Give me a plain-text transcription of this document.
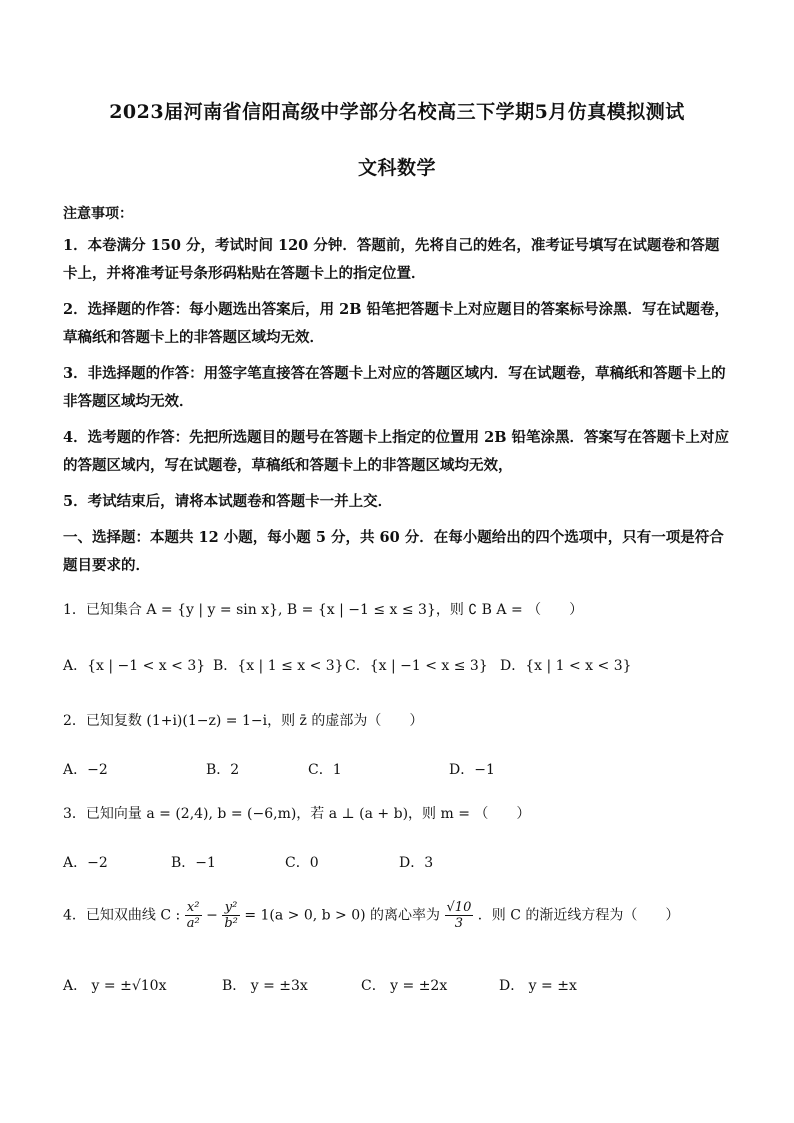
2023届河南省信阳高级中学部分名校高三下学期5月仿真模拟测试
文科数学
注意事项：
1．本卷满分 150 分，考试时间 120 分钟．答题前，先将自己的姓名，准考证号填写在试题卷和答题卡上，并将准考证号条形码粘贴在答题卡上的指定位置．
2．选择题的作答：每小题选出答案后，用 2B 铅笔把答题卡上对应题目的答案标号涂黑．写在试题卷，草稿纸和答题卡上的非答题区域均无效．
3．非选择题的作答：用签字笔直接答在答题卡上对应的答题区域内．写在试题卷，草稿纸和答题卡上的非答题区域均无效．
4．选考题的作答：先把所选题目的题号在答题卡上指定的位置用 2B 铅笔涂黑．答案写在答题卡上对应的答题区域内，写在试题卷，草稿纸和答题卡上的非答题区域均无效，
5．考试结束后，请将本试题卷和答题卡一并上交．
一、选择题：本题共 12 小题，每小题 5 分，共 60 分．在每小题给出的四个选项中，只有一项是符合题目要求的．
1．已知集合 A = {y | y = sin x}, B = {x | −1 ≤ x ≤ 3}，则 ∁ B A = （　　）
A．{x | −1 < x < 3} B．{x | 1 ≤ x < 3} C．{x | −1 < x ≤ 3} D．{x | 1 < x < 3}
2．已知复数 (1+i)(1−z) = 1−i，则 z̄ 的虚部为（　　）
A．−2	B．2	C．1	D．−1
3．已知向量 a = (2,4), b = (−6,m)，若 a ⊥ (a + b)，则 m = （　　）
A．−2	B．−1	C．0	D．3
4．已知双曲线 C : $\frac{\text{x²}}{\text{a²}} - \frac{\text{y²}}{\text{b²}} = 1(a > 0$, b > 0) 的离心率为 $\frac{√10}{3}$ ．则 C 的渐近线方程为（　　）
A． y = ±√10x	B． y = ±3x	C． y = ±2x	D． y = ±x
